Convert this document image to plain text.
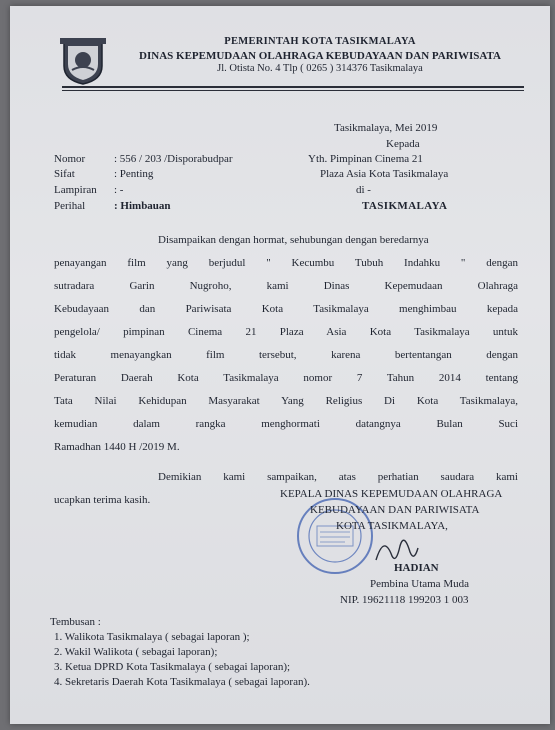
PEMERINTAH KOTA TASIKMALAYA
DINAS KEPEMUDAAN OLAHRAGA KEBUDAYAAN DAN PARIWISATA
Jl. Otista No. 4 Tlp ( 0265 ) 314376 Tasikmalaya
Tasikmalaya, Mei 2019
Kepada
Nomor	: 556 / 203 /Disporabudpar
Sifat	: Penting
Lampiran : -
Perihal	: Himbauan
Yth. Pimpinan Cinema 21
Plaza Asia Kota Tasikmalaya
di -
TASIKMALAYA
Disampaikan dengan hormat, sehubungan dengan beredarnya
penayangan film yang berjudul " Kecumbu Tubuh Indahku " dengan
sutradara Garin Nugroho, kami Dinas Kepemudaan Olahraga
Kebudayaan dan Pariwisata Kota Tasikmalaya menghimbau kepada
pengelola/ pimpinan Cinema 21 Plaza Asia Kota Tasikmalaya untuk
tidak menayangkan film tersebut, karena bertentangan dengan
Peraturan Daerah Kota Tasikmalaya nomor 7 Tahun 2014 tentang
Tata Nilai Kehidupan Masyarakat Yang Religius Di Kota Tasikmalaya,
kemudian dalam rangka menghormati datangnya Bulan Suci
Ramadhan 1440 H /2019 M.
Demikian kami sampaikan, atas perhatian saudara kami
ucapkan terima kasih.	KEPALA DINAS KEPEMUDAAN OLAHRAGA
KEBUDAYAAN DAN PARIWISATA
KOTA TASIKMALAYA,
HADIAN
Pembina Utama Muda
NIP. 19621118 199203 1 003
Tembusan :
1. Walikota Tasikmalaya ( sebagai laporan );
2. Wakil Walikota ( sebagai laporan);
3. Ketua DPRD Kota Tasikmalaya ( sebagai laporan);
4. Sekretaris Daerah Kota Tasikmalaya ( sebagai laporan).
